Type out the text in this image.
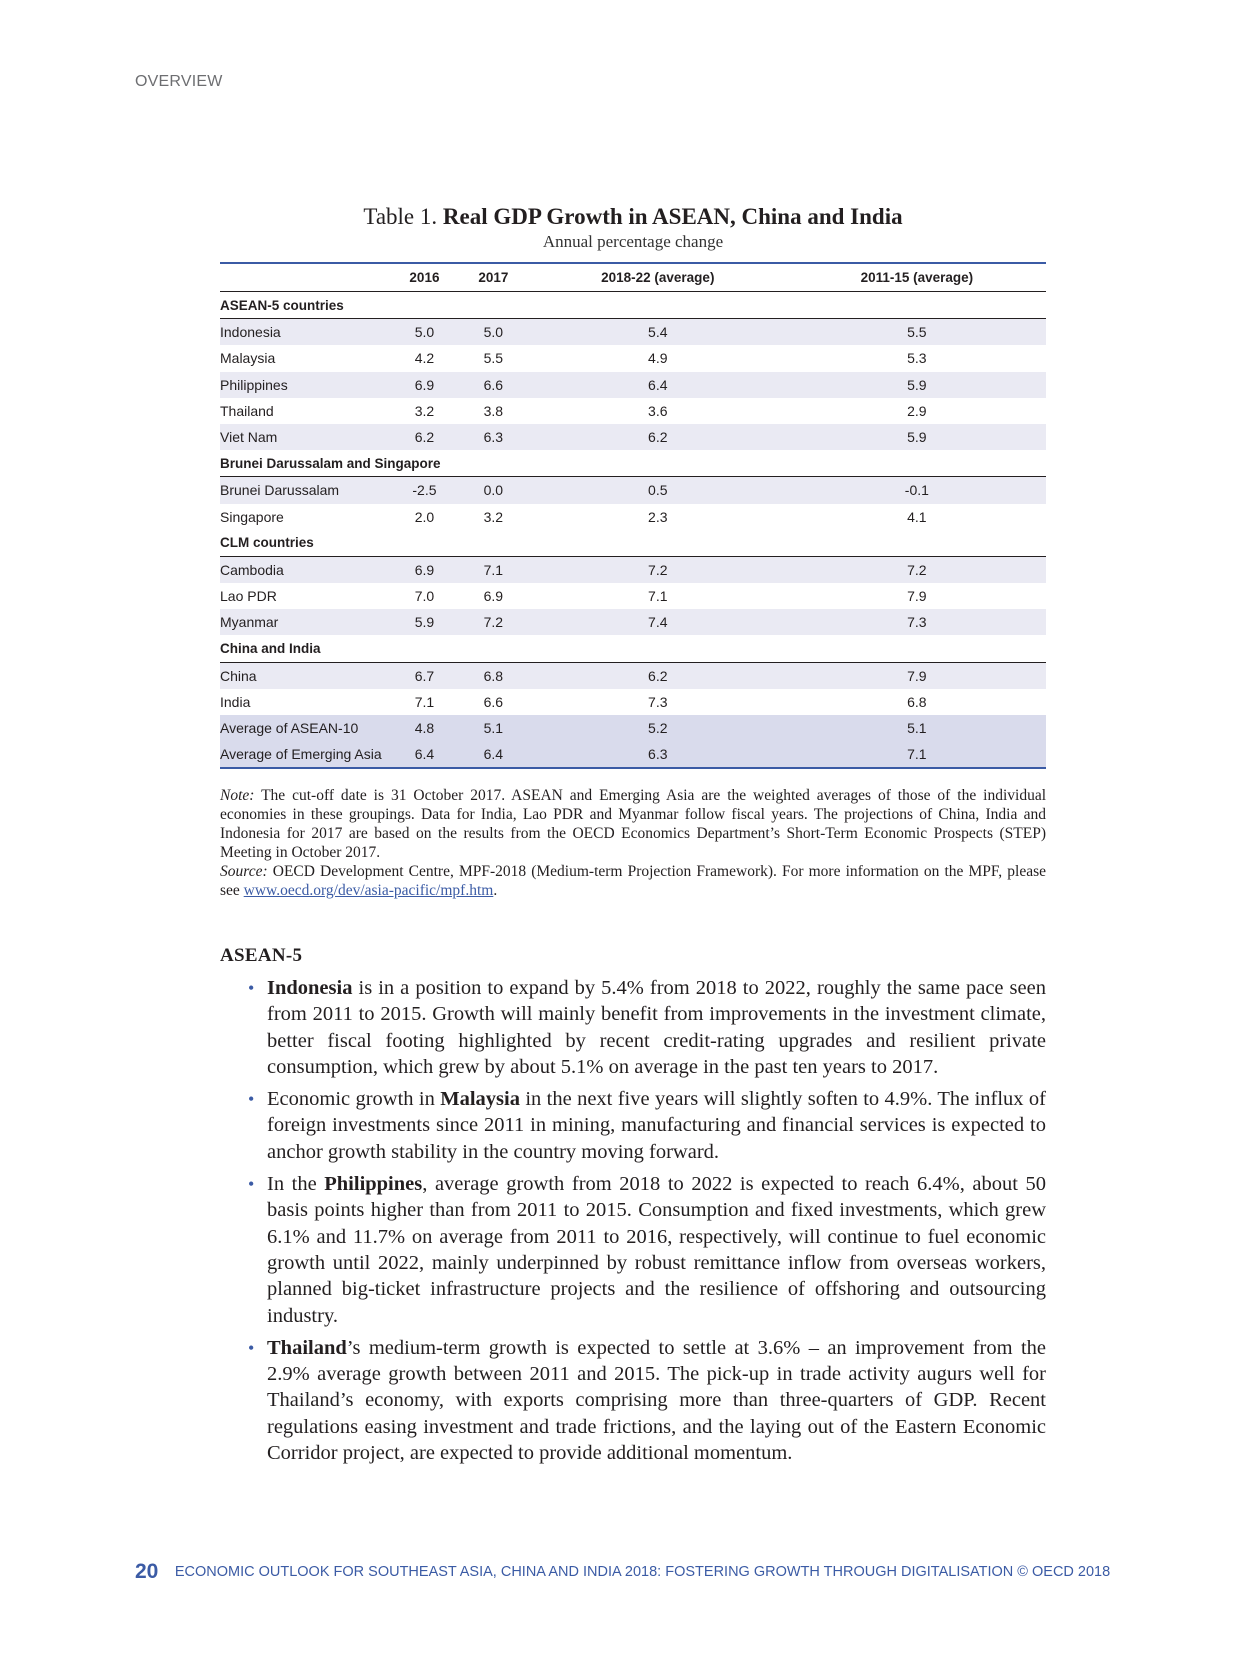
OVERVIEW
Table 1. Real GDP Growth in ASEAN, China and India
Annual percentage change
	2016	2017	2018-22 (average)	2011-15 (average)
ASEAN-5 countries				
Indonesia	5.0	5.0	5.4	5.5
Malaysia	4.2	5.5	4.9	5.3
Philippines	6.9	6.6	6.4	5.9
Thailand	3.2	3.8	3.6	2.9
Viet Nam	6.2	6.3	6.2	5.9
Brunei Darussalam and Singapore				
Brunei Darussalam	-2.5	0.0	0.5	-0.1
Singapore	2.0	3.2	2.3	4.1
CLM countries				
Cambodia	6.9	7.1	7.2	7.2
Lao PDR	7.0	6.9	7.1	7.9
Myanmar	5.9	7.2	7.4	7.3
China and India				
China	6.7	6.8	6.2	7.9
India	7.1	6.6	7.3	6.8
Average of ASEAN-10	4.8	5.1	5.2	5.1
Average of Emerging Asia	6.4	6.4	6.3	7.1
Note: The cut-off date is 31 October 2017. ASEAN and Emerging Asia are the weighted averages of those of the individual economies in these groupings. Data for India, Lao PDR and Myanmar follow fiscal years. The projections of China, India and Indonesia for 2017 are based on the results from the OECD Economics Department’s Short-Term Economic Prospects (STEP) Meeting in October 2017.
Source: OECD Development Centre, MPF-2018 (Medium-term Projection Framework). For more information on the MPF, please see www.oecd.org/dev/asia-pacific/mpf.htm.
ASEAN-5
• Indonesia is in a position to expand by 5.4% from 2018 to 2022, roughly the same pace seen from 2011 to 2015. Growth will mainly benefit from improvements in the investment climate, better fiscal footing highlighted by recent credit-rating upgrades and resilient private consumption, which grew by about 5.1% on average in the past ten years to 2017.
• Economic growth in Malaysia in the next five years will slightly soften to 4.9%. The influx of foreign investments since 2011 in mining, manufacturing and financial services is expected to anchor growth stability in the country moving forward.
• In the Philippines, average growth from 2018 to 2022 is expected to reach 6.4%, about 50 basis points higher than from 2011 to 2015. Consumption and fixed investments, which grew 6.1% and 11.7% on average from 2011 to 2016, respectively, will continue to fuel economic growth until 2022, mainly underpinned by robust remittance inflow from overseas workers, planned big-ticket infrastructure projects and the resilience of offshoring and outsourcing industry.
• Thailand’s medium-term growth is expected to settle at 3.6% – an improvement from the 2.9% average growth between 2011 and 2015. The pick-up in trade activity augurs well for Thailand’s economy, with exports comprising more than three-quarters of GDP. Recent regulations easing investment and trade frictions, and the laying out of the Eastern Economic Corridor project, are expected to provide additional momentum.
20 ECONOMIC OUTLOOK FOR SOUTHEAST ASIA, CHINA AND INDIA 2018: FOSTERING GROWTH THROUGH DIGITALISATION © OECD 2018
